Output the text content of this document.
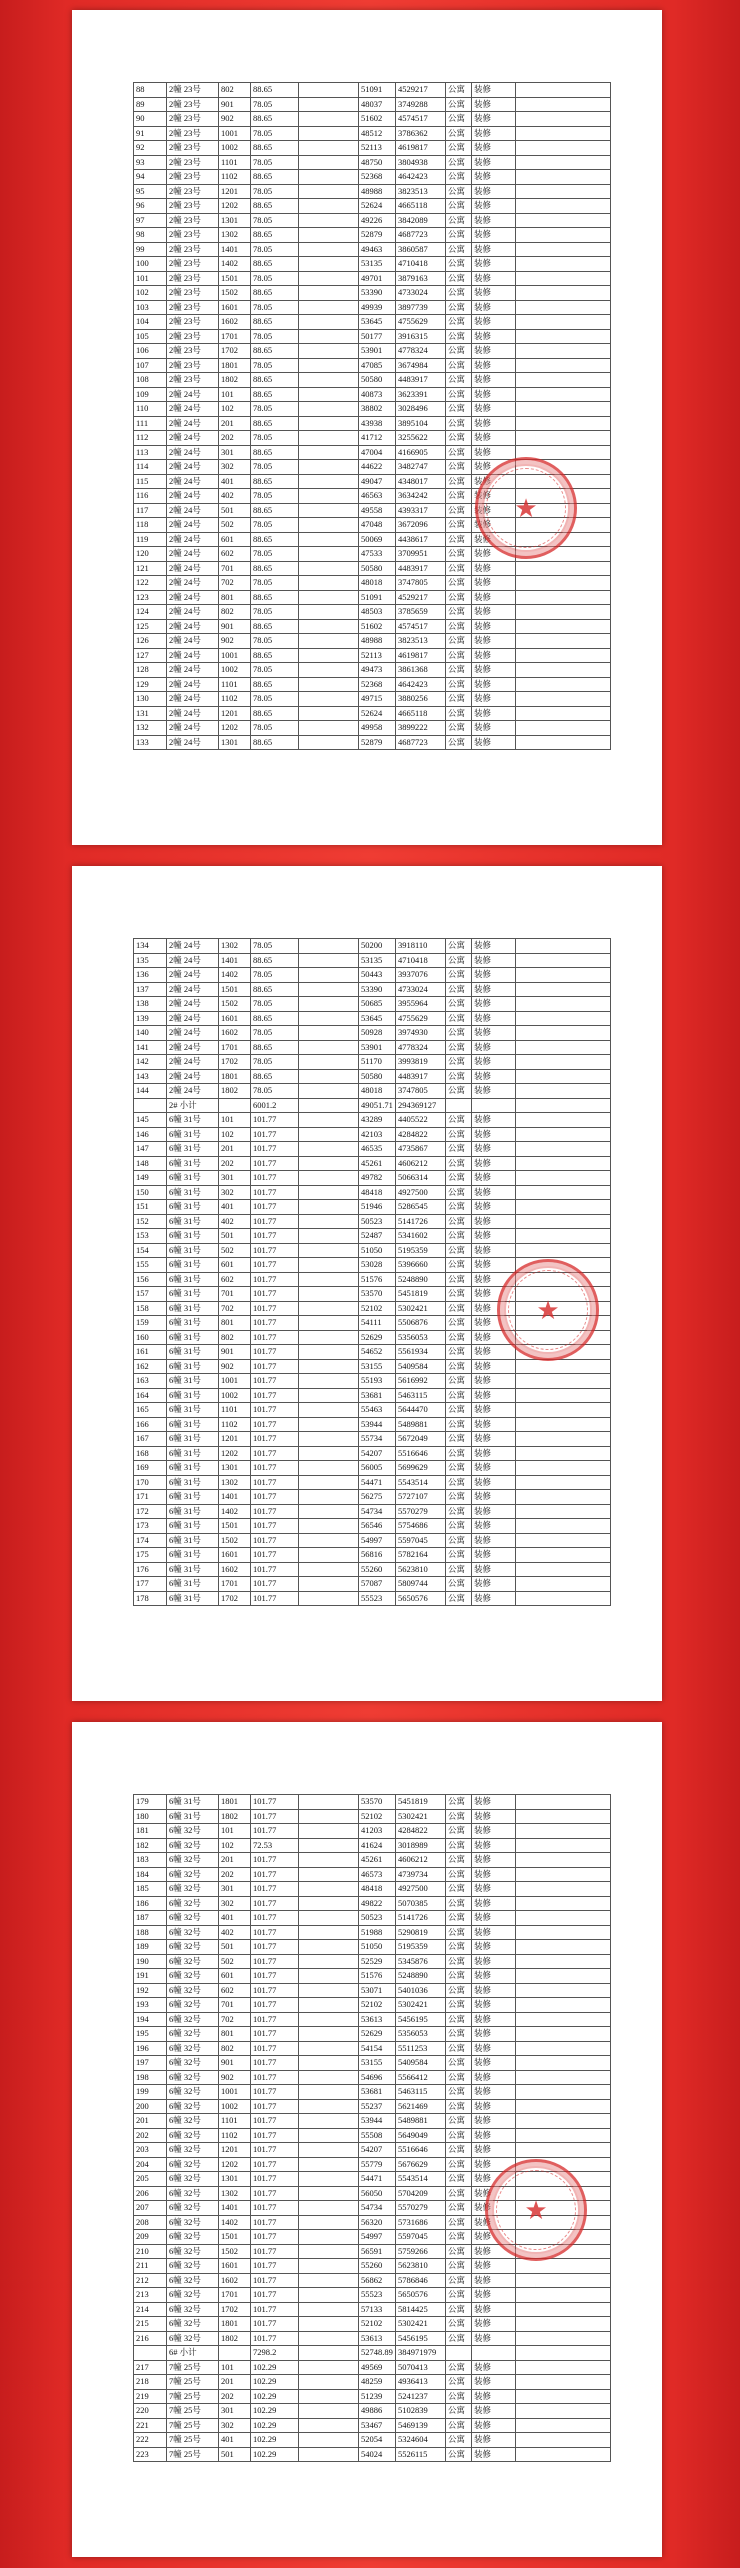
88	2幢 23号	802	88.65		51091	4529217	公寓	装修	
89	2幢 23号	901	78.05		48037	3749288	公寓	装修	
90	2幢 23号	902	88.65		51602	4574517	公寓	装修	
91	2幢 23号	1001	78.05		48512	3786362	公寓	装修	
92	2幢 23号	1002	88.65		52113	4619817	公寓	装修	
93	2幢 23号	1101	78.05		48750	3804938	公寓	装修	
94	2幢 23号	1102	88.65		52368	4642423	公寓	装修	
95	2幢 23号	1201	78.05		48988	3823513	公寓	装修	
96	2幢 23号	1202	88.65		52624	4665118	公寓	装修	
97	2幢 23号	1301	78.05		49226	3842089	公寓	装修	
98	2幢 23号	1302	88.65		52879	4687723	公寓	装修	
99	2幢 23号	1401	78.05		49463	3860587	公寓	装修	
100	2幢 23号	1402	88.65		53135	4710418	公寓	装修	
101	2幢 23号	1501	78.05		49701	3879163	公寓	装修	
102	2幢 23号	1502	88.65		53390	4733024	公寓	装修	
103	2幢 23号	1601	78.05		49939	3897739	公寓	装修	
104	2幢 23号	1602	88.65		53645	4755629	公寓	装修	
105	2幢 23号	1701	78.05		50177	3916315	公寓	装修	
106	2幢 23号	1702	88.65		53901	4778324	公寓	装修	
107	2幢 23号	1801	78.05		47085	3674984	公寓	装修	
108	2幢 23号	1802	88.65		50580	4483917	公寓	装修	
109	2幢 24号	101	88.65		40873	3623391	公寓	装修	
110	2幢 24号	102	78.05		38802	3028496	公寓	装修	
111	2幢 24号	201	88.65		43938	3895104	公寓	装修	
112	2幢 24号	202	78.05		41712	3255622	公寓	装修	
113	2幢 24号	301	88.65		47004	4166905	公寓	装修	
114	2幢 24号	302	78.05		44622	3482747	公寓	装修	
115	2幢 24号	401	88.65		49047	4348017	公寓	装修	
116	2幢 24号	402	78.05		46563	3634242	公寓	装修	
117	2幢 24号	501	88.65		49558	4393317	公寓	装修	
118	2幢 24号	502	78.05		47048	3672096	公寓	装修	
119	2幢 24号	601	88.65		50069	4438617	公寓	装修	
120	2幢 24号	602	78.05		47533	3709951	公寓	装修	
121	2幢 24号	701	88.65		50580	4483917	公寓	装修	
122	2幢 24号	702	78.05		48018	3747805	公寓	装修	
123	2幢 24号	801	88.65		51091	4529217	公寓	装修	
124	2幢 24号	802	78.05		48503	3785659	公寓	装修	
125	2幢 24号	901	88.65		51602	4574517	公寓	装修	
126	2幢 24号	902	78.05		48988	3823513	公寓	装修	
127	2幢 24号	1001	88.65		52113	4619817	公寓	装修	
128	2幢 24号	1002	78.05		49473	3861368	公寓	装修	
129	2幢 24号	1101	88.65		52368	4642423	公寓	装修	
130	2幢 24号	1102	78.05		49715	3880256	公寓	装修	
131	2幢 24号	1201	88.65		52624	4665118	公寓	装修	
132	2幢 24号	1202	78.05		49958	3899222	公寓	装修	
133	2幢 24号	1301	88.65		52879	4687723	公寓	装修	
★
134	2幢 24号	1302	78.05		50200	3918110	公寓	装修	
135	2幢 24号	1401	88.65		53135	4710418	公寓	装修	
136	2幢 24号	1402	78.05		50443	3937076	公寓	装修	
137	2幢 24号	1501	88.65		53390	4733024	公寓	装修	
138	2幢 24号	1502	78.05		50685	3955964	公寓	装修	
139	2幢 24号	1601	88.65		53645	4755629	公寓	装修	
140	2幢 24号	1602	78.05		50928	3974930	公寓	装修	
141	2幢 24号	1701	88.65		53901	4778324	公寓	装修	
142	2幢 24号	1702	78.05		51170	3993819	公寓	装修	
143	2幢 24号	1801	88.65		50580	4483917	公寓	装修	
144	2幢 24号	1802	78.05		48018	3747805	公寓	装修	
	2# 小计		6001.2		49051.71	294369127			
145	6幢 31号	101	101.77		43289	4405522	公寓	装修	
146	6幢 31号	102	101.77		42103	4284822	公寓	装修	
147	6幢 31号	201	101.77		46535	4735867	公寓	装修	
148	6幢 31号	202	101.77		45261	4606212	公寓	装修	
149	6幢 31号	301	101.77		49782	5066314	公寓	装修	
150	6幢 31号	302	101.77		48418	4927500	公寓	装修	
151	6幢 31号	401	101.77		51946	5286545	公寓	装修	
152	6幢 31号	402	101.77		50523	5141726	公寓	装修	
153	6幢 31号	501	101.77		52487	5341602	公寓	装修	
154	6幢 31号	502	101.77		51050	5195359	公寓	装修	
155	6幢 31号	601	101.77		53028	5396660	公寓	装修	
156	6幢 31号	602	101.77		51576	5248890	公寓	装修	
157	6幢 31号	701	101.77		53570	5451819	公寓	装修	
158	6幢 31号	702	101.77		52102	5302421	公寓	装修	
159	6幢 31号	801	101.77		54111	5506876	公寓	装修	
160	6幢 31号	802	101.77		52629	5356053	公寓	装修	
161	6幢 31号	901	101.77		54652	5561934	公寓	装修	
162	6幢 31号	902	101.77		53155	5409584	公寓	装修	
163	6幢 31号	1001	101.77		55193	5616992	公寓	装修	
164	6幢 31号	1002	101.77		53681	5463115	公寓	装修	
165	6幢 31号	1101	101.77		55463	5644470	公寓	装修	
166	6幢 31号	1102	101.77		53944	5489881	公寓	装修	
167	6幢 31号	1201	101.77		55734	5672049	公寓	装修	
168	6幢 31号	1202	101.77		54207	5516646	公寓	装修	
169	6幢 31号	1301	101.77		56005	5699629	公寓	装修	
170	6幢 31号	1302	101.77		54471	5543514	公寓	装修	
171	6幢 31号	1401	101.77		56275	5727107	公寓	装修	
172	6幢 31号	1402	101.77		54734	5570279	公寓	装修	
173	6幢 31号	1501	101.77		56546	5754686	公寓	装修	
174	6幢 31号	1502	101.77		54997	5597045	公寓	装修	
175	6幢 31号	1601	101.77		56816	5782164	公寓	装修	
176	6幢 31号	1602	101.77		55260	5623810	公寓	装修	
177	6幢 31号	1701	101.77		57087	5809744	公寓	装修	
178	6幢 31号	1702	101.77		55523	5650576	公寓	装修	
★
179	6幢 31号	1801	101.77		53570	5451819	公寓	装修	
180	6幢 31号	1802	101.77		52102	5302421	公寓	装修	
181	6幢 32号	101	101.77		41203	4284822	公寓	装修	
182	6幢 32号	102	72.53		41624	3018989	公寓	装修	
183	6幢 32号	201	101.77		45261	4606212	公寓	装修	
184	6幢 32号	202	101.77		46573	4739734	公寓	装修	
185	6幢 32号	301	101.77		48418	4927500	公寓	装修	
186	6幢 32号	302	101.77		49822	5070385	公寓	装修	
187	6幢 32号	401	101.77		50523	5141726	公寓	装修	
188	6幢 32号	402	101.77		51988	5290819	公寓	装修	
189	6幢 32号	501	101.77		51050	5195359	公寓	装修	
190	6幢 32号	502	101.77		52529	5345876	公寓	装修	
191	6幢 32号	601	101.77		51576	5248890	公寓	装修	
192	6幢 32号	602	101.77		53071	5401036	公寓	装修	
193	6幢 32号	701	101.77		52102	5302421	公寓	装修	
194	6幢 32号	702	101.77		53613	5456195	公寓	装修	
195	6幢 32号	801	101.77		52629	5356053	公寓	装修	
196	6幢 32号	802	101.77		54154	5511253	公寓	装修	
197	6幢 32号	901	101.77		53155	5409584	公寓	装修	
198	6幢 32号	902	101.77		54696	5566412	公寓	装修	
199	6幢 32号	1001	101.77		53681	5463115	公寓	装修	
200	6幢 32号	1002	101.77		55237	5621469	公寓	装修	
201	6幢 32号	1101	101.77		53944	5489881	公寓	装修	
202	6幢 32号	1102	101.77		55508	5649049	公寓	装修	
203	6幢 32号	1201	101.77		54207	5516646	公寓	装修	
204	6幢 32号	1202	101.77		55779	5676629	公寓	装修	
205	6幢 32号	1301	101.77		54471	5543514	公寓	装修	
206	6幢 32号	1302	101.77		56050	5704209	公寓	装修	
207	6幢 32号	1401	101.77		54734	5570279	公寓	装修	
208	6幢 32号	1402	101.77		56320	5731686	公寓	装修	
209	6幢 32号	1501	101.77		54997	5597045	公寓	装修	
210	6幢 32号	1502	101.77		56591	5759266	公寓	装修	
211	6幢 32号	1601	101.77		55260	5623810	公寓	装修	
212	6幢 32号	1602	101.77		56862	5786846	公寓	装修	
213	6幢 32号	1701	101.77		55523	5650576	公寓	装修	
214	6幢 32号	1702	101.77		57133	5814425	公寓	装修	
215	6幢 32号	1801	101.77		52102	5302421	公寓	装修	
216	6幢 32号	1802	101.77		53613	5456195	公寓	装修	
	6# 小计		7298.2		52748.89	384971979			
217	7幢 25号	101	102.29		49569	5070413	公寓	装修	
218	7幢 25号	201	102.29		48259	4936413	公寓	装修	
219	7幢 25号	202	102.29		51239	5241237	公寓	装修	
220	7幢 25号	301	102.29		49886	5102839	公寓	装修	
221	7幢 25号	302	102.29		53467	5469139	公寓	装修	
222	7幢 25号	401	102.29		52054	5324604	公寓	装修	
223	7幢 25号	501	102.29		54024	5526115	公寓	装修	
★
